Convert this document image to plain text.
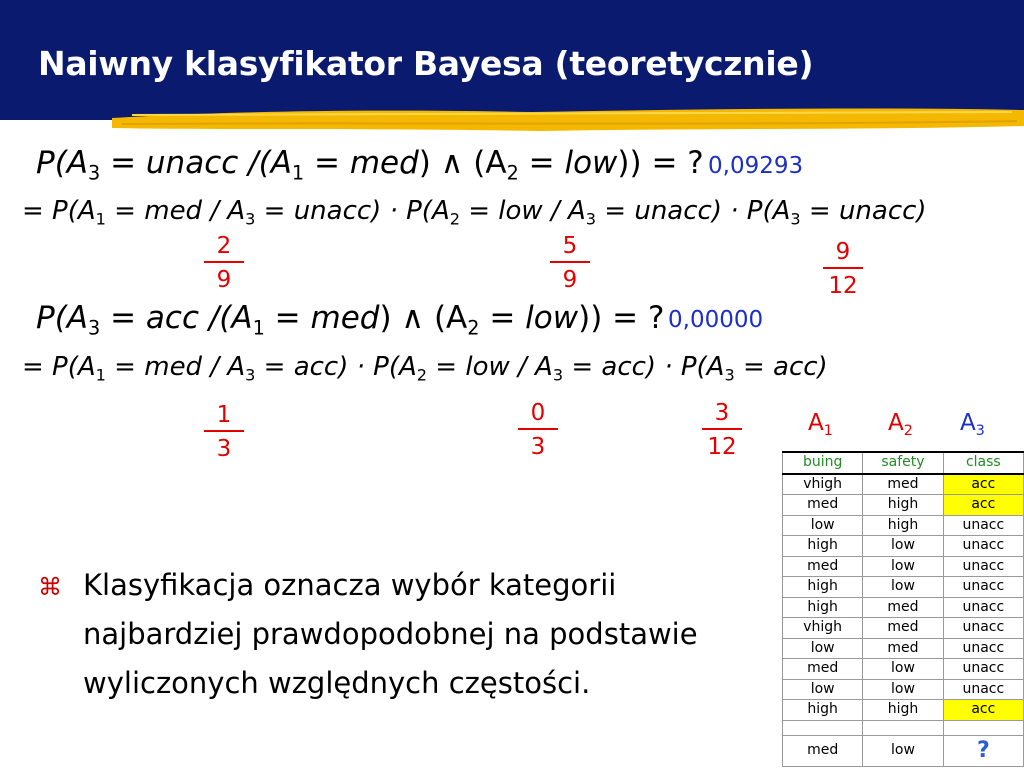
Naiwny klasyfikator Bayesa (teoretycznie)
$P(A_3$ = unacc $/(A_1 = med)$ ∧ $(A_2 = low)$) = ? 0,09293
= $P(A_1$ = med / $A_3$ = unacc) · $P(A_2$ = low / $A_3$ = unacc) · $P(A_3$ = unacc)
2
9
5
9
9
12
$P(A_3$ = acc $/(A_1 = med)$ ∧ $(A_2 = low)$) = ? 0,00000
= $P(A_1$ = med / $A_3 = acc) \cdot P(A_2$ = low / $A_3 = acc) \cdot P(A_3 = acc)$
1
3
0
3
3
12
⌘ Klasyfikacja oznacza wybór kategorii
najbardziej prawdopodobnej na podstawie
wyliczonych względnych częstości.
$A_1$ $A_2$ $A_3$
buing	safety	class
vhigh	med	acc
med	high	acc
low	high	unacc
high	low	unacc
med	low	unacc
high	low	unacc
high	med	unacc
vhigh	med	unacc
low	med	unacc
med	low	unacc
low	low	unacc
high	high	acc

med	low	?
